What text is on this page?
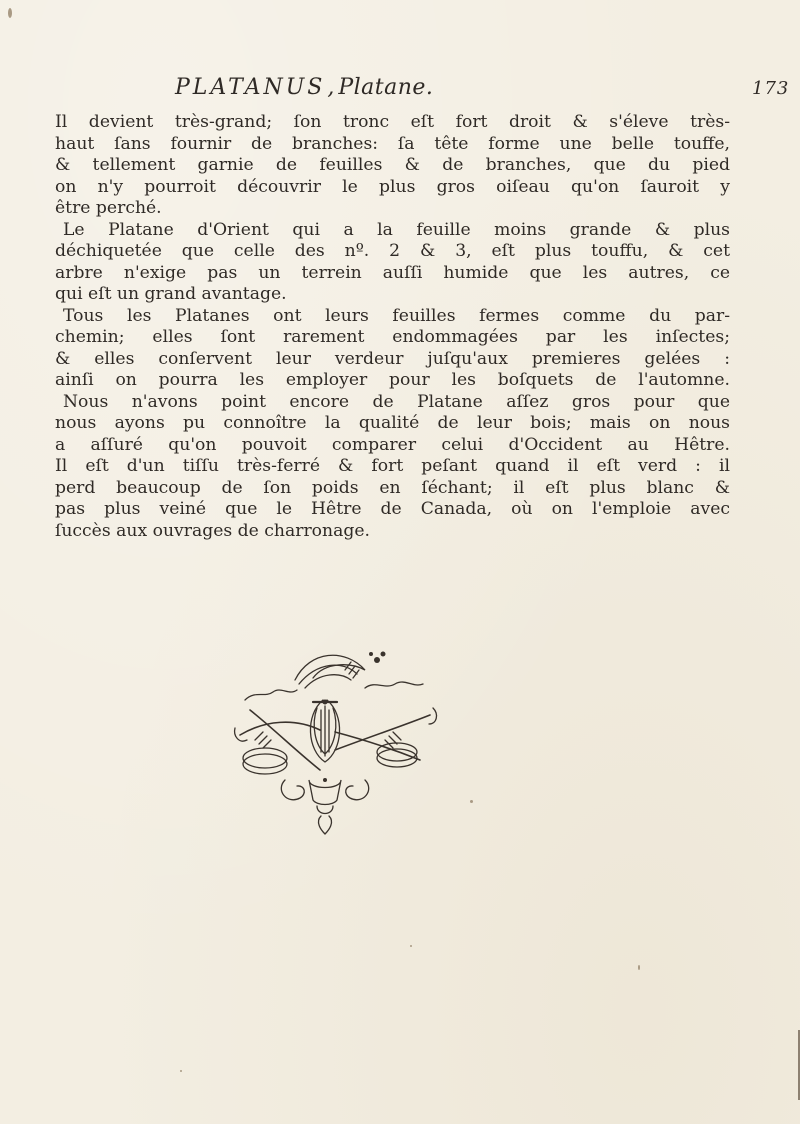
PLATANUS, Platane.	173
Il devient très-grand; ſon tronc eſt fort droit & s'éleve très-
haut ſans fournir de branches: ſa tête forme une belle touffe,
& tellement garnie de feuilles & de branches, que du pied
on n'y pourroit découvrir le plus gros oiſeau qu'on ſauroit y
être perché.
Le Platane d'Orient qui a la feuille moins grande & plus
déchiquetée que celle des nº. 2 & 3, eſt plus touffu, & cet
arbre n'exige pas un terrein auſſi humide que les autres, ce
qui eſt un grand avantage.
Tous les Platanes ont leurs feuilles fermes comme du par-
chemin; elles ſont rarement endommagées par les inſectes;
& elles conſervent leur verdeur juſqu'aux premieres gelées :
ainſi on pourra les employer pour les boſquets de l'automne.
Nous n'avons point encore de Platane aſſez gros pour que
nous ayons pu connoître la qualité de leur bois; mais on nous
a aſſuré qu'on pouvoit comparer celui d'Occident au Hêtre.
Il eſt d'un tiſſu très-ferré & fort peſant quand il eſt verd : il
perd beaucoup de ſon poids en ſéchant; il eſt plus blanc &
pas plus veiné que le Hêtre de Canada, où on l'emploie avec
ſuccès aux ouvrages de charronage.
